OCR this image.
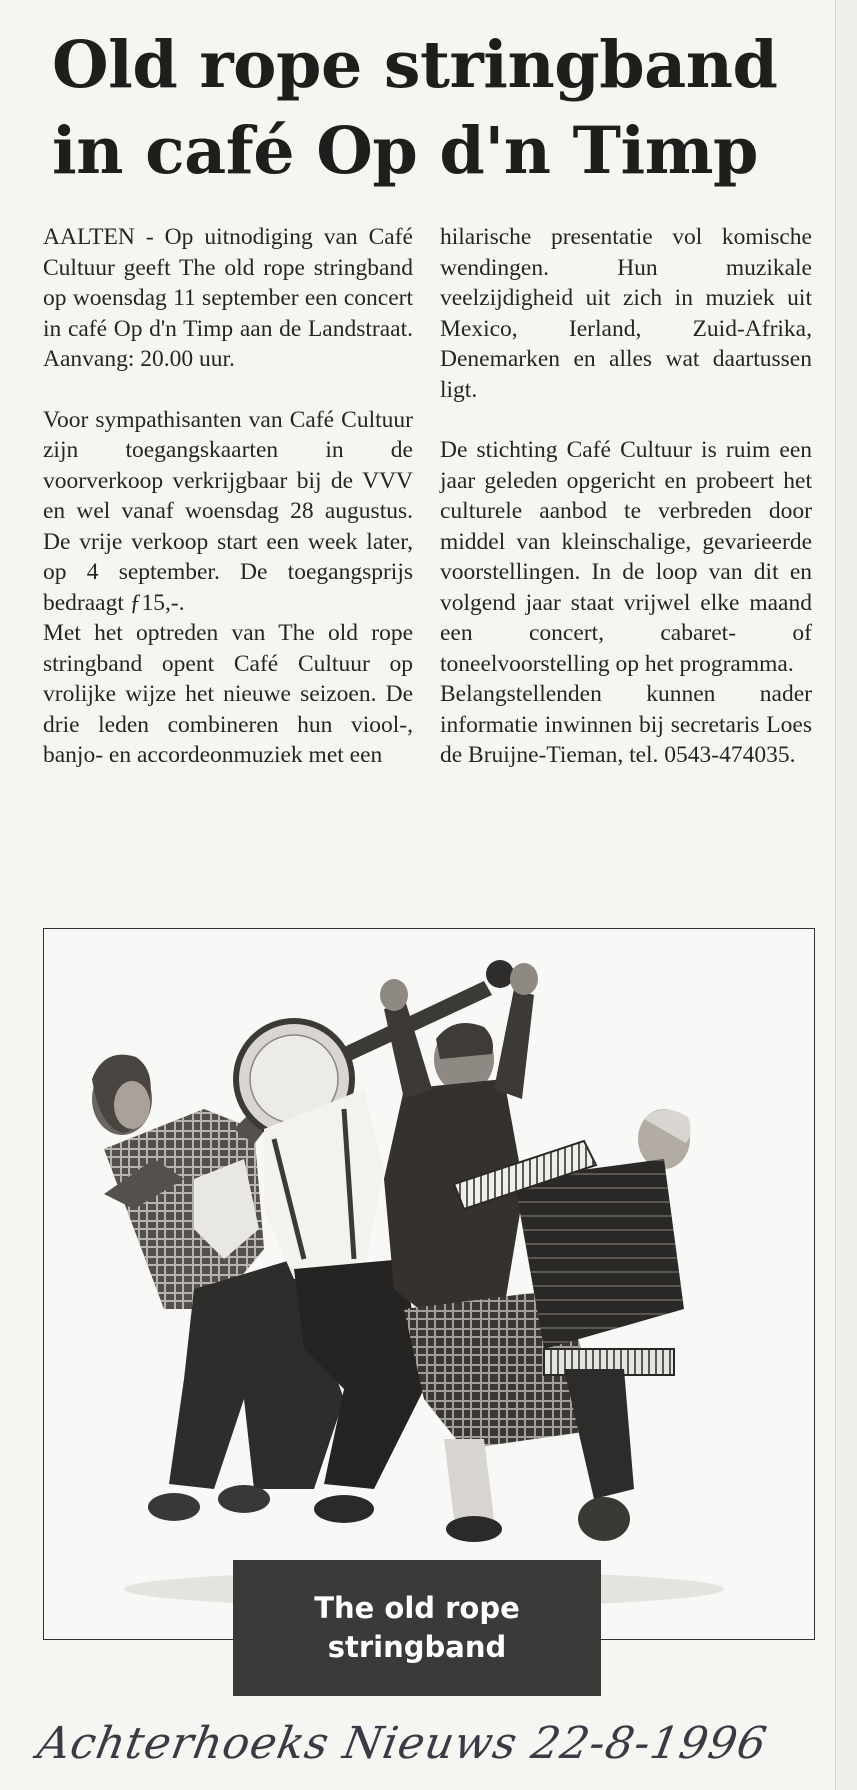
Old rope stringband
in café Op d'n Timp

AALTEN - Op uitnodiging van Café Cultuur geeft The old rope stringband op woensdag 11 september een concert in café Op d'n Timp aan de Landstraat. Aanvang: 20.00 uur.

Voor sympathisanten van Café Cultuur zijn toegangskaarten in de voorverkoop verkrijgbaar bij de VVV en wel vanaf woensdag 28 augustus. De vrije verkoop start een week later, op 4 september. De toegangsprijs bedraagt ƒ15,-.

Met het optreden van The old rope stringband opent Café Cultuur op vrolijke wijze het nieuwe seizoen. De drie leden combineren hun viool-, banjo- en accordeonmuziek met een

hilarische presentatie vol komische wendingen. Hun muzikale veelzijdigheid uit zich in muziek uit Mexico, Ierland, Zuid-Afrika, Denemarken en alles wat daartussen ligt.

De stichting Café Cultuur is ruim een jaar geleden opgericht en probeert het culturele aanbod te verbreden door middel van kleinschalige, gevarieerde voorstellingen. In de loop van dit en volgend jaar staat vrijwel elke maand een concert, cabaret- of toneelvoorstelling op het programma.

Belangstellenden kunnen nader informatie inwinnen bij secretaris Loes de Bruijne-Tieman, tel. 0543-474035.

The old rope
stringband
Achterhoeks Nieuws 22-8-1996
